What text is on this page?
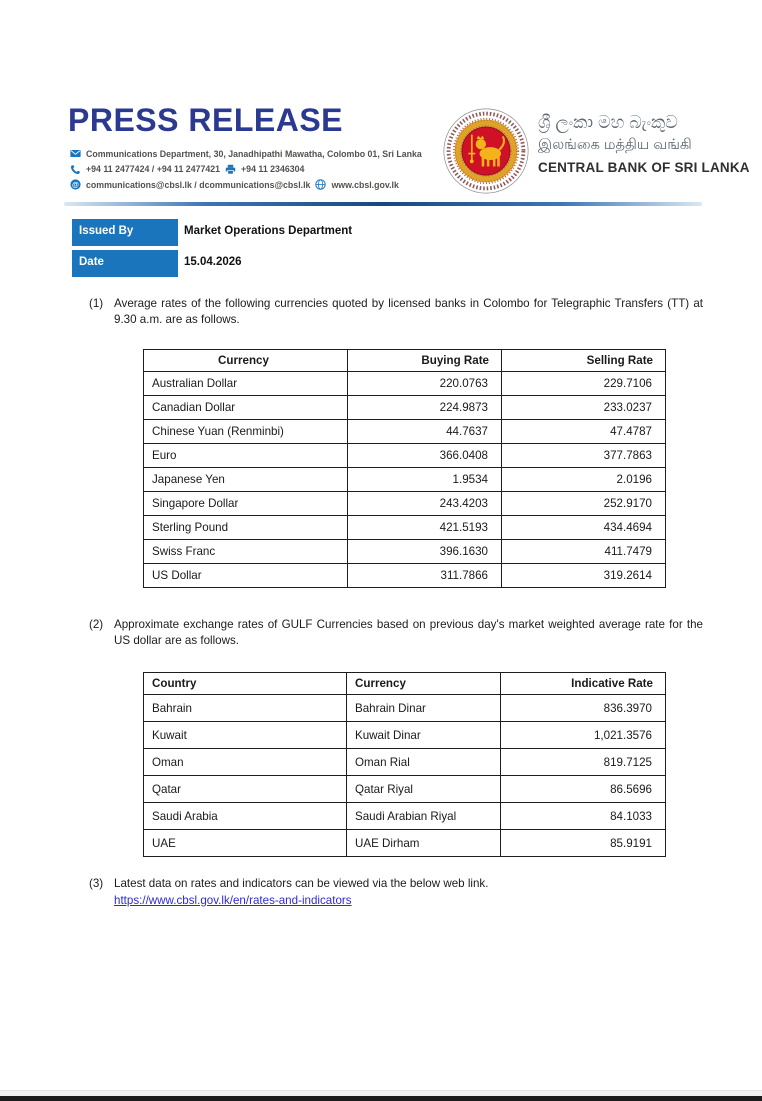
PRESS RELEASE
Communications Department, 30, Janadhipathi Mawatha, Colombo 01, Sri Lanka
+94 11 2477424 / +94 11 2477421 +94 11 2346304
@ communications@cbsl.lk / dcommunications@cbsl.lk www.cbsl.gov.lk
ශ්‍රී ලංකා මහ බැංකුව
இலங்கை மத்திய வங்கி
CENTRAL BANK OF SRI LANKA
Issued By	Market Operations Department
Date	15.04.2026
(1) Average rates of the following currencies quoted by licensed banks in Colombo for Telegraphic Transfers (TT) at 9.30 a.m. are as follows.
Currency	Buying Rate	Selling Rate
Australian Dollar	220.0763	229.7106
Canadian Dollar	224.9873	233.0237
Chinese Yuan (Renminbi)	44.7637	47.4787
Euro	366.0408	377.7863
Japanese Yen	1.9534	2.0196
Singapore Dollar	243.4203	252.9170
Sterling Pound	421.5193	434.4694
Swiss Franc	396.1630	411.7479
US Dollar	311.7866	319.2614
(2) Approximate exchange rates of GULF Currencies based on previous day's market weighted average rate for the US dollar are as follows.
Country	Currency	Indicative Rate
Bahrain	Bahrain Dinar	836.3970
Kuwait	Kuwait Dinar	1,021.3576
Oman	Oman Rial	819.7125
Qatar	Qatar Riyal	86.5696
Saudi Arabia	Saudi Arabian Riyal	84.1033
UAE	UAE Dirham	85.9191
(3) Latest data on rates and indicators can be viewed via the below web link.
https://www.cbsl.gov.lk/en/rates-and-indicators
